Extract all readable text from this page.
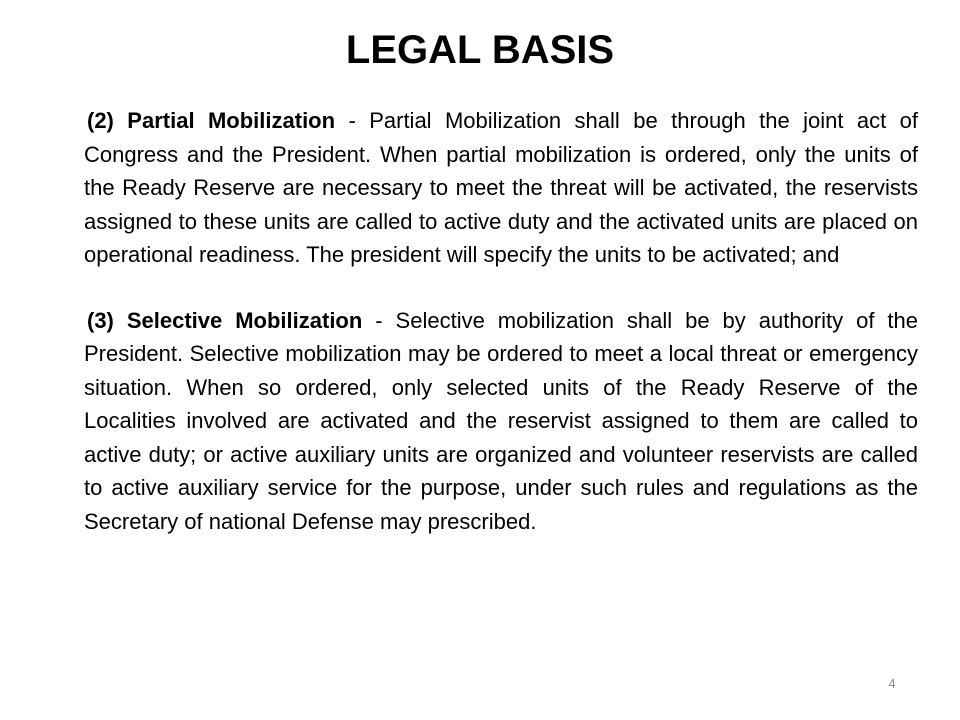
LEGAL BASIS

(2) Partial Mobilization - Partial Mobilization shall be through the joint act of Congress and the President. When partial mobilization is ordered, only the units of the Ready Reserve are necessary to meet the threat will be activated, the reservists assigned to these units are called to active duty and the activated units are placed on operational readiness. The president will specify the units to be activated; and

(3) Selective Mobilization - Selective mobilization shall be by authority of the President. Selective mobilization may be ordered to meet a local threat or emergency situation. When so ordered, only selected units of the Ready Reserve of the Localities involved are activated and the reservist assigned to them are called to active duty; or active auxiliary units are organized and volunteer reservists are called to active auxiliary service for the purpose, under such rules and regulations as the Secretary of national Defense may prescribed.

4
